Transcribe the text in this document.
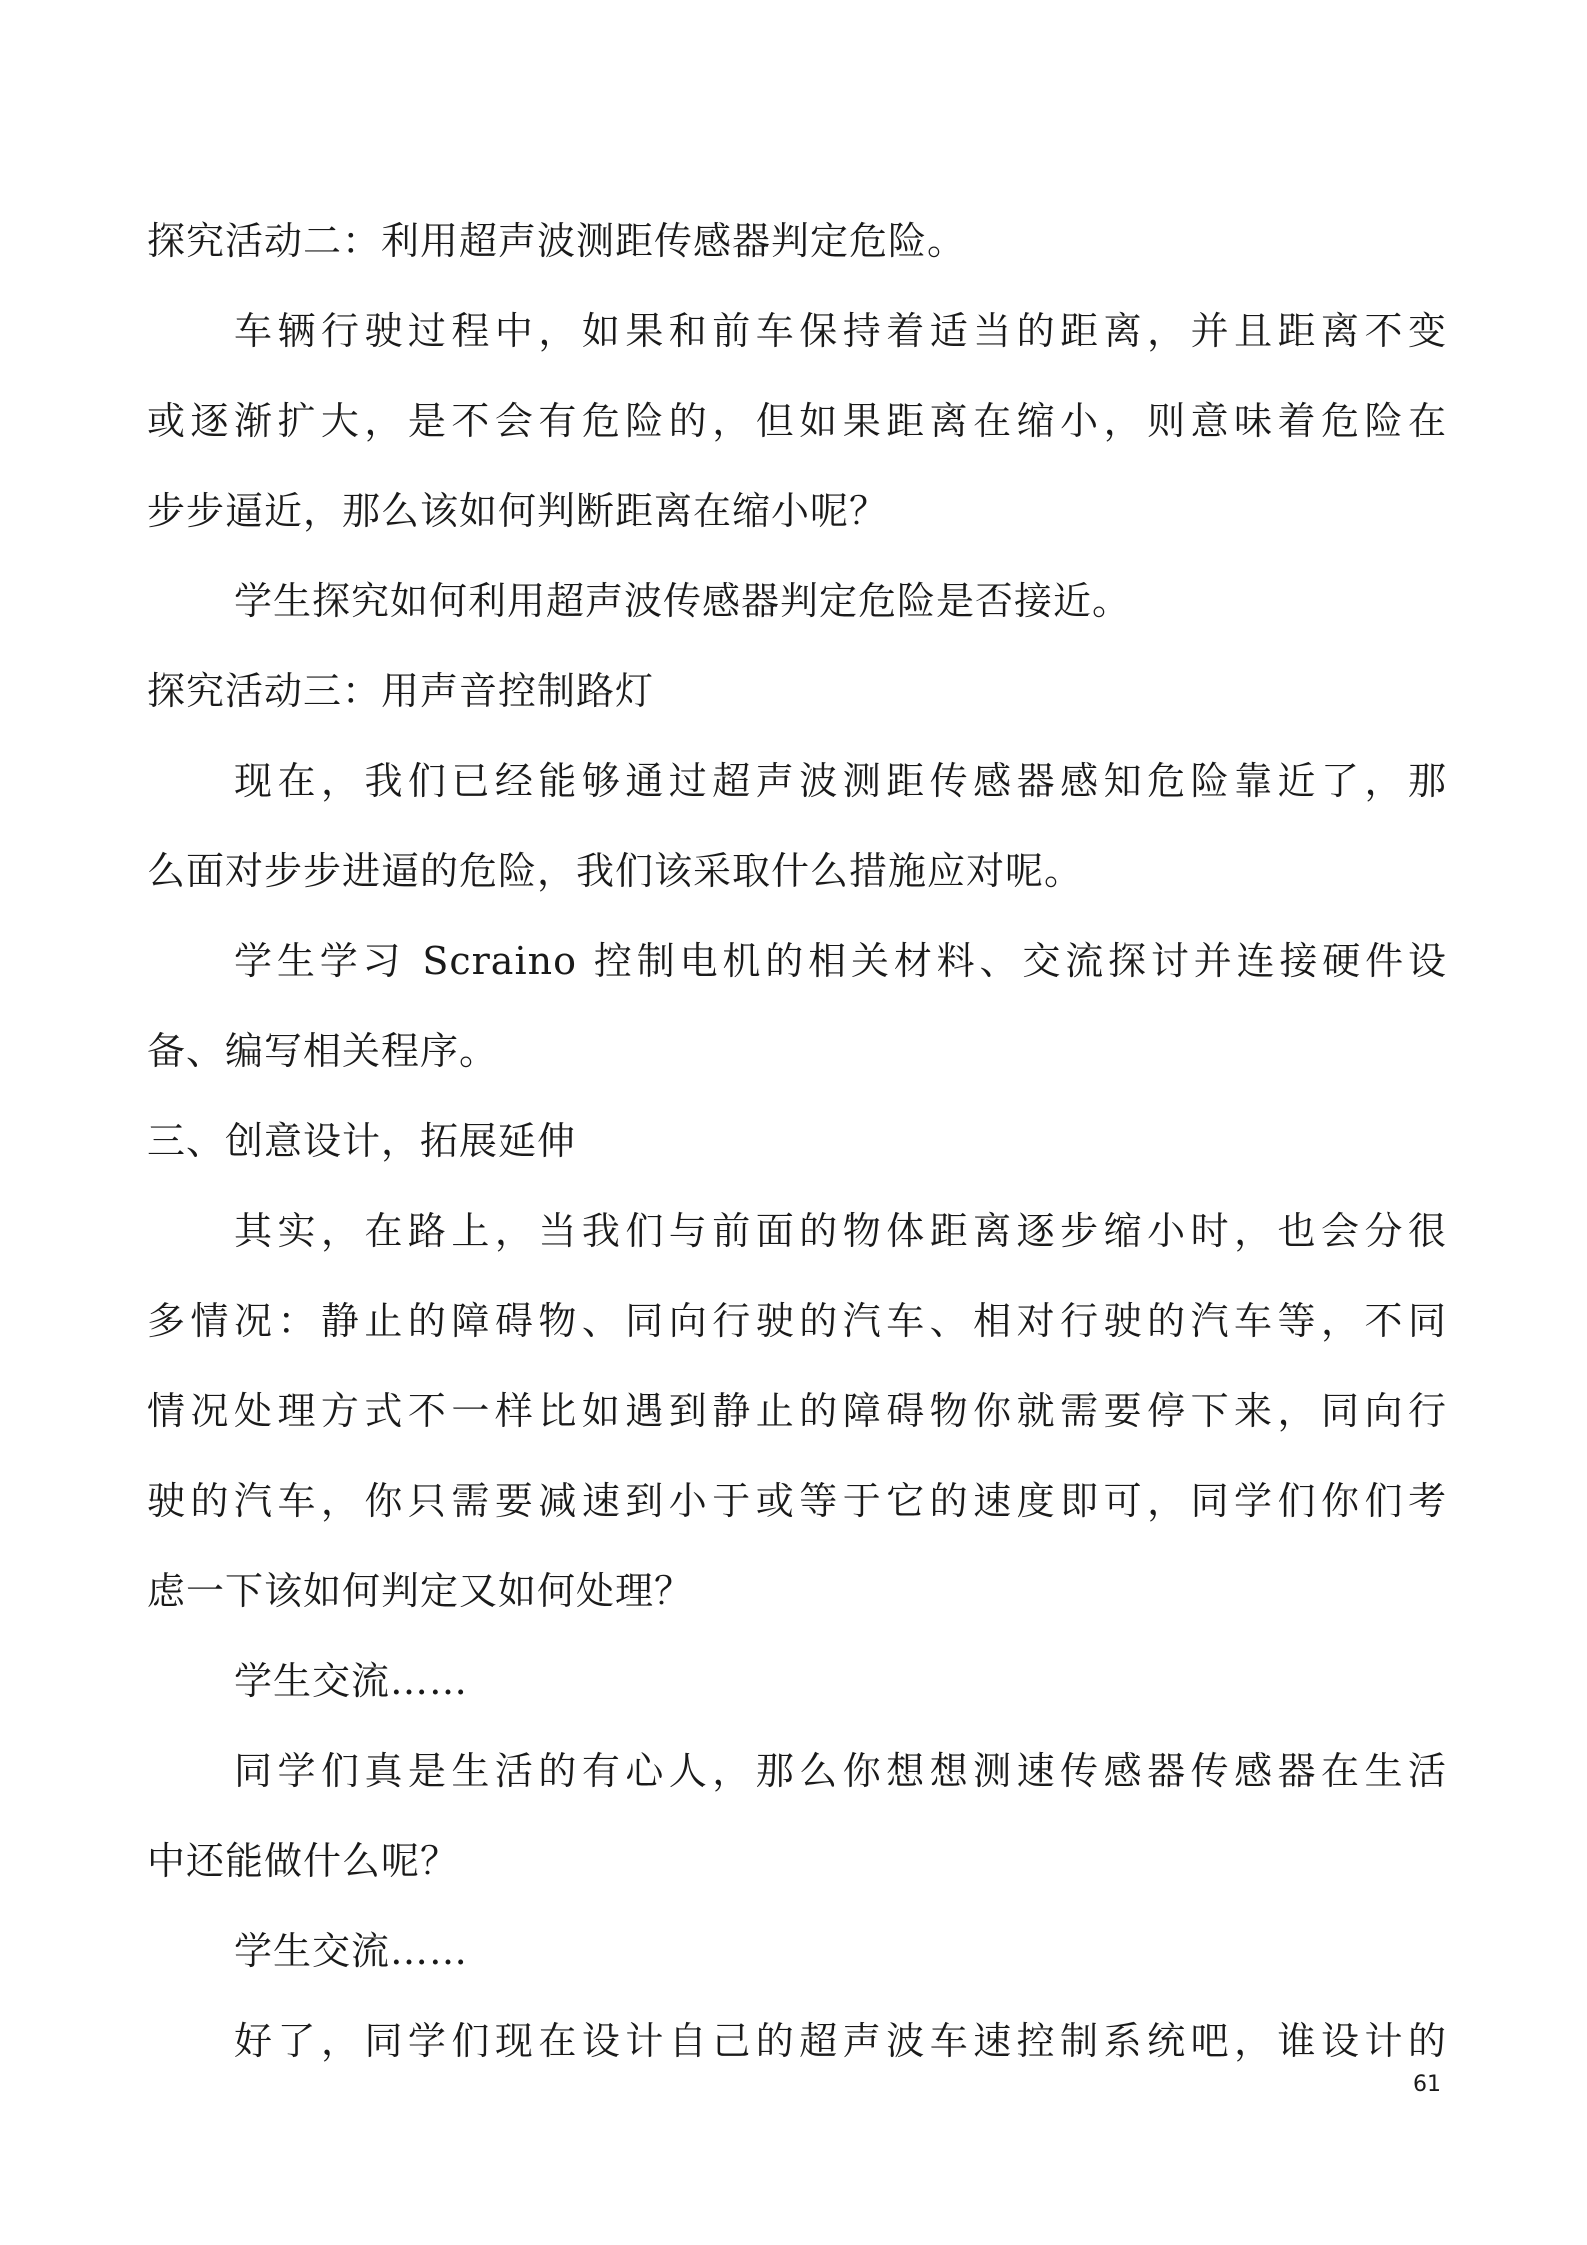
探究活动二：利用超声波测距传感器判定危险。
车辆行驶过程中，如果和前车保持着适当的距离，并且距离不变
或逐渐扩大，是不会有危险的，但如果距离在缩小，则意味着危险在
步步逼近，那么该如何判断距离在缩小呢？
学生探究如何利用超声波传感器判定危险是否接近。
探究活动三：用声音控制路灯
现在，我们已经能够通过超声波测距传感器感知危险靠近了，那
么面对步步进逼的危险，我们该采取什么措施应对呢。
学生学习 Scraino 控制电机的相关材料、交流探讨并连接硬件设
备、编写相关程序。
三、创意设计，拓展延伸
其实，在路上，当我们与前面的物体距离逐步缩小时，也会分很
多情况：静止的障碍物、同向行驶的汽车、相对行驶的汽车等，不同
情况处理方式不一样比如遇到静止的障碍物你就需要停下来，同向行
驶的汽车，你只需要减速到小于或等于它的速度即可，同学们你们考
虑一下该如何判定又如何处理？
学生交流……
同学们真是生活的有心人，那么你想想测速传感器传感器在生活
中还能做什么呢？
学生交流……
好了，同学们现在设计自己的超声波车速控制系统吧，谁设计的
61
